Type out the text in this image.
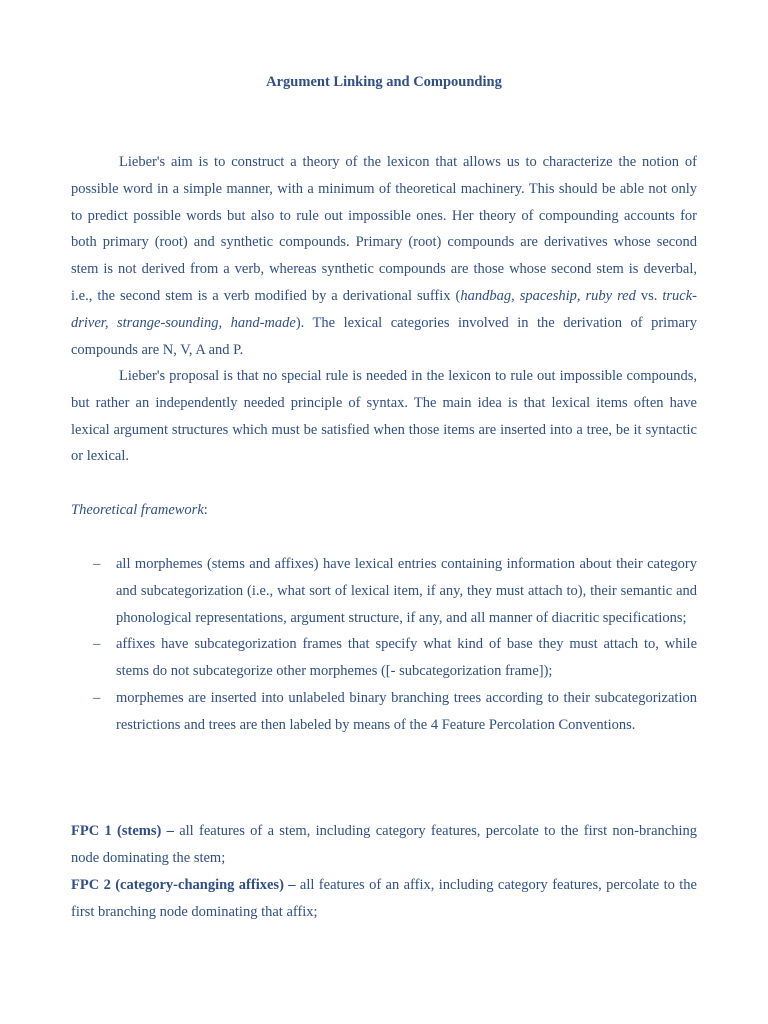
Argument Linking and Compounding

Lieber's aim is to construct a theory of the lexicon that allows us to characterize the notion of possible word in a simple manner, with a minimum of theoretical machinery. This should be able not only to predict possible words but also to rule out impossible ones. Her theory of compounding accounts for both primary (root) and synthetic compounds. Primary (root) compounds are derivatives whose second stem is not derived from a verb, whereas synthetic compounds are those whose second stem is deverbal, i.e., the second stem is a verb modified by a derivational suffix (handbag, spaceship, ruby red vs. truck-driver, strange-sounding, hand-made). The lexical categories involved in the derivation of primary compounds are N, V, A and P.

Lieber's proposal is that no special rule is needed in the lexicon to rule out impossible compounds, but rather an independently needed principle of syntax. The main idea is that lexical items often have lexical argument structures which must be satisfied when those items are inserted into a tree, be it syntactic or lexical.

Theoretical framework:
– all morphemes (stems and affixes) have lexical entries containing information about their category and subcategorization (i.e., what sort of lexical item, if any, they must attach to), their semantic and phonological representations, argument structure, if any, and all manner of diacritic specifications;
– affixes have subcategorization frames that specify what kind of base they must attach to, while stems do not subcategorize other morphemes ([- subcategorization frame]);
– morphemes are inserted into unlabeled binary branching trees according to their subcategorization restrictions and trees are then labeled by means of the 4 Feature Percolation Conventions.

FPC 1 (stems) – all features of a stem, including category features, percolate to the first non-branching node dominating the stem;

FPC 2 (category-changing affixes) – all features of an affix, including category features, percolate to the first branching node dominating that affix;
